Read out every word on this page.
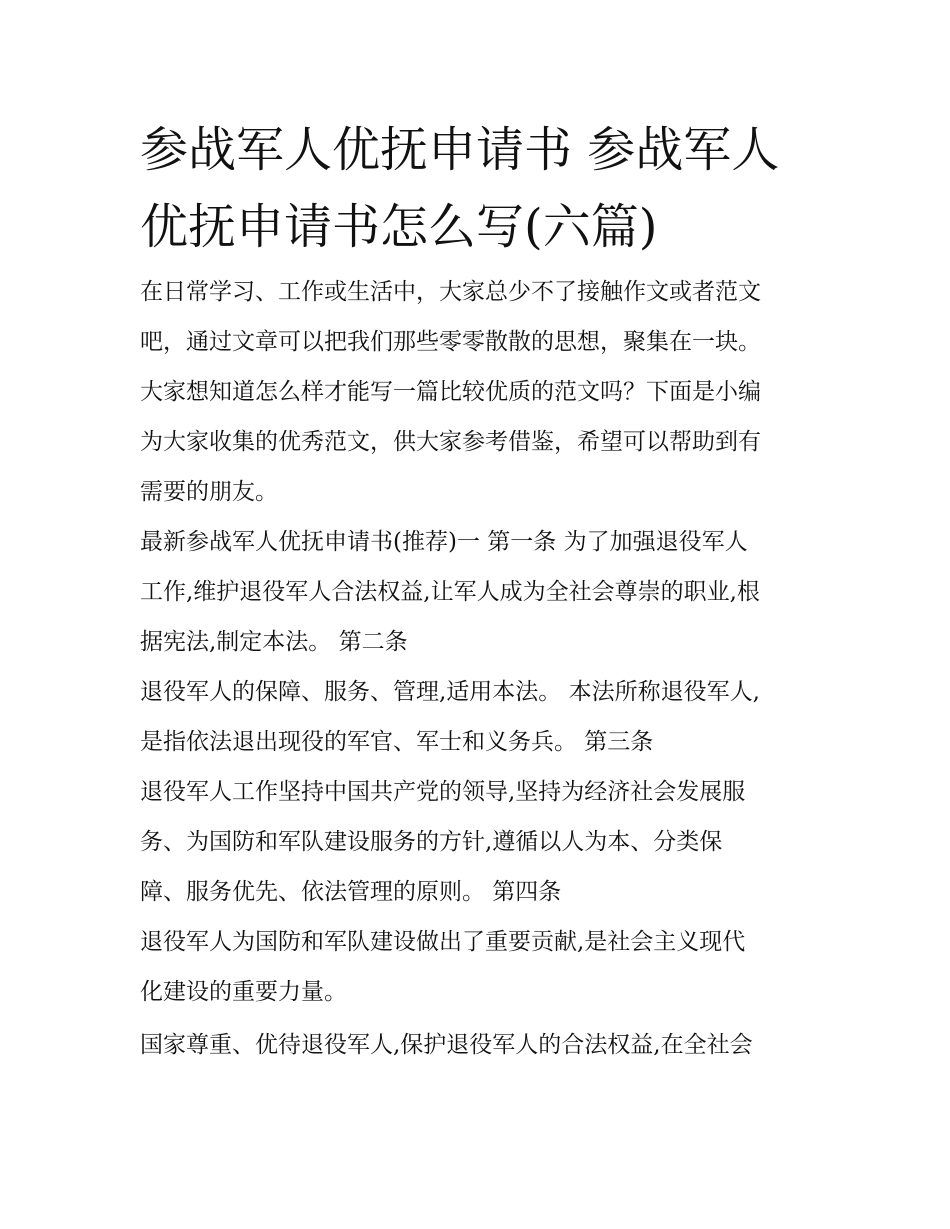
参战军人优抚申请书 参战军人
优抚申请书怎么写(六篇)
在日常学习、工作或生活中，大家总少不了接触作文或者范文
吧，通过文章可以把我们那些零零散散的思想，聚集在一块。
大家想知道怎么样才能写一篇比较优质的范文吗？下面是小编
为大家收集的优秀范文，供大家参考借鉴，希望可以帮助到有
需要的朋友。
最新参战军人优抚申请书(推荐)一 第一条 为了加强退役军人
工作,维护退役军人合法权益,让军人成为全社会尊崇的职业,根
据宪法,制定本法。 第二条
退役军人的保障、服务、管理,适用本法。 本法所称退役军人,
是指依法退出现役的军官、军士和义务兵。 第三条
退役军人工作坚持中国共产党的领导,坚持为经济社会发展服
务、为国防和军队建设服务的方针,遵循以人为本、分类保
障、服务优先、依法管理的原则。 第四条
退役军人为国防和军队建设做出了重要贡献,是社会主义现代
化建设的重要力量。
国家尊重、优待退役军人,保护退役军人的合法权益,在全社会
